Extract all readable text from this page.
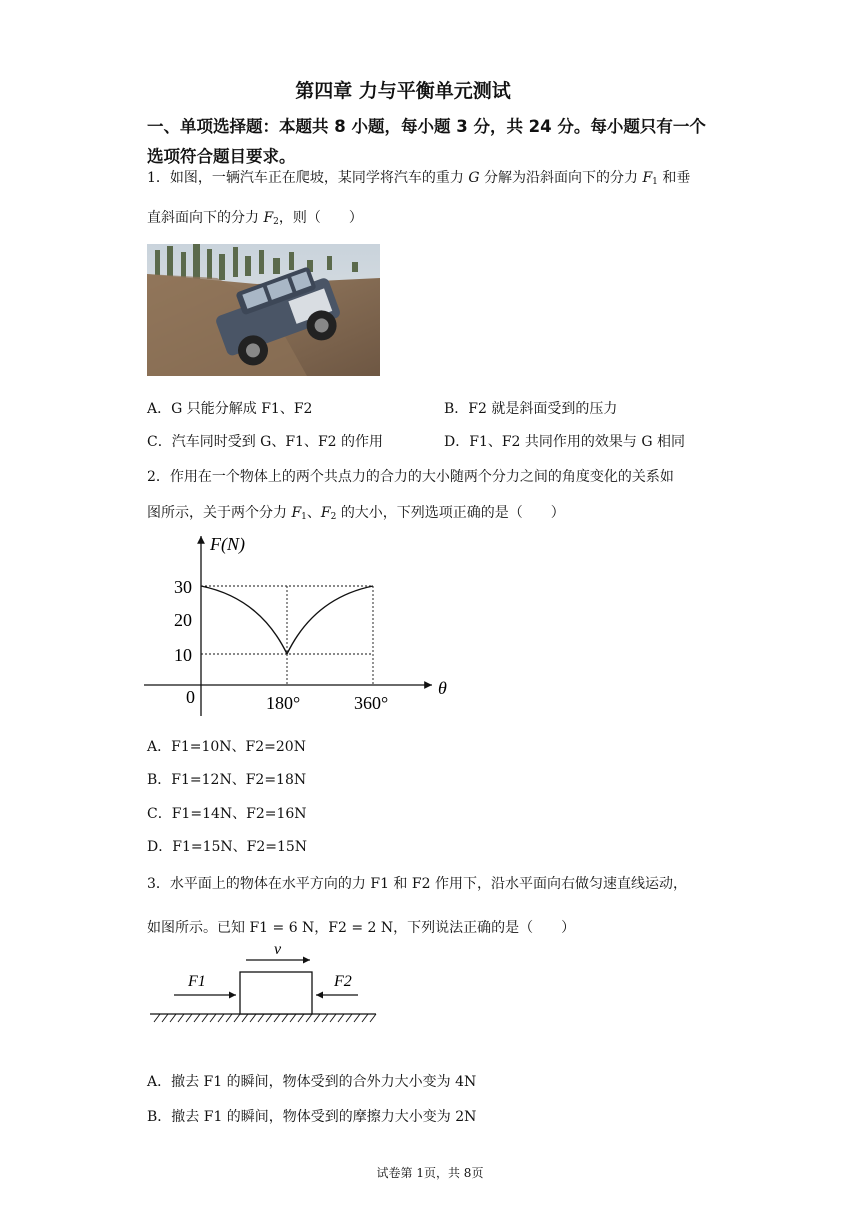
第四章 力与平衡单元测试
一、单项选择题：本题共 8 小题，每小题 3 分，共 24 分。每小题只有一个
选项符合题目要求。
1．如图，一辆汽车正在爬坡，某同学将汽车的重力 G 分解为沿斜面向下的分力 $F_1$ 和垂
直斜面向下的分力 $F_2$，则（　　）
A．G 只能分解成 F1、F2	B．F2 就是斜面受到的压力
C．汽车同时受到 G、F1、F2 的作用	D．F1、F2 共同作用的效果与 G 相同
2．作用在一个物体上的两个共点力的合力的大小随两个分力之间的角度变化的关系如
图所示，关于两个分力 $F_1$、$F_2$ 的大小，下列选项正确的是（　　）
F(N)
30
20
10
0	180°	360°
θ
A．F1=10N、F2=20N
B．F1=12N、F2=18N
C．F1=14N、F2=16N
D．F1=15N、F2=15N
3．水平面上的物体在水平方向的力 F1 和 F2 作用下，沿水平面向右做匀速直线运动，
如图所示。已知 F1 = 6 N，F2 = 2 N，下列说法正确的是（　　）
v
F1	F2
A．撤去 F1 的瞬间，物体受到的合外力大小变为 4N
B．撤去 F1 的瞬间，物体受到的摩擦力大小变为 2N
试卷第 1页，共 8页
